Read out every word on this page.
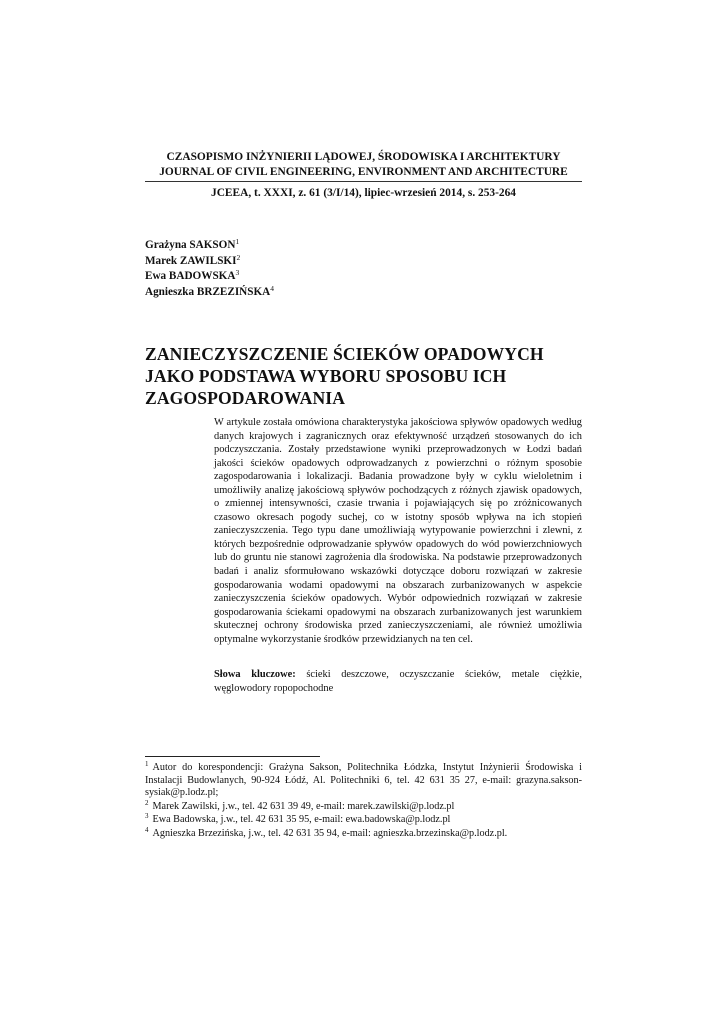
CZASOPISMO INŻYNIERII LĄDOWEJ, ŚRODOWISKA I ARCHITEKTURY
JOURNAL OF CIVIL ENGINEERING, ENVIRONMENT AND ARCHITECTURE
JCEEA, t. XXXI, z. 61 (3/I/14), lipiec-wrzesień 2014, s. 253-264
Grażyna SAKSON$^1$
Marek ZAWILSKI$^2$
Ewa BADOWSKA$^3$
Agnieszka BRZEZIŃSKA$^4$
ZANIECZYSZCZENIE ŚCIEKÓW OPADOWYCH
JAKO PODSTAWA WYBORU SPOSOBU ICH
ZAGOSPODAROWANIA
W artykule została omówiona charakterystyka jakościowa spływów opadowych według danych krajowych i zagranicznych oraz efektywność urządzeń stosowanych do ich podczyszczania. Zostały przedstawione wyniki przeprowadzonych w Łodzi badań jakości ścieków opadowych odprowadzanych z powierzchni o różnym sposobie zagospodarowania i lokalizacji. Badania prowadzone były w cyklu wieloletnim i umożliwiły analizę jakościową spływów pochodzących z różnych zjawisk opadowych, o zmiennej intensywności, czasie trwania i pojawiających się po zróżnicowanych czasowo okresach pogody suchej, co w istotny sposób wpływa na ich stopień zanieczyszczenia. Tego typu dane umożliwiają wytypowanie powierzchni i zlewni, z których bezpośrednie odprowadzanie spływów opadowych do wód powierzchniowych lub do gruntu nie stanowi zagrożenia dla środowiska. Na podstawie przeprowadzonych badań i analiz sformułowano wskazówki dotyczące doboru rozwiązań w zakresie gospodarowania wodami opadowymi na obszarach zurbanizowanych w aspekcie zanieczyszczenia ścieków opadowych. Wybór odpowiednich rozwiązań w zakresie gospodarowania ściekami opadowymi na obszarach zurbanizowanych jest warunkiem skutecznej ochrony środowiska przed zanieczyszczeniami, ale również umożliwia optymalne wykorzystanie środków przewidzianych na ten cel.
Słowa kluczowe: ścieki deszczowe, oczyszczanie ścieków, metale ciężkie, węglowodory ropopochodne
$^1$ Autor do korespondencji: Grażyna Sakson, Politechnika Łódzka, Instytut Inżynierii Środowiska i Instalacji Budowlanych, 90-924 Łódź, Al. Politechniki 6, tel. 42 631 35 27, e-mail: grazyna.sakson-sysiak@p.lodz.pl;
$^2$ Marek Zawilski, j.w., tel. 42 631 39 49, e-mail: marek.zawilski@p.lodz.pl
$^3$ Ewa Badowska, j.w., tel. 42 631 35 95, e-mail: ewa.badowska@p.lodz.pl
$^4$ Agnieszka Brzezińska, j.w., tel. 42 631 35 94, e-mail: agnieszka.brzezinska@p.lodz.pl.
